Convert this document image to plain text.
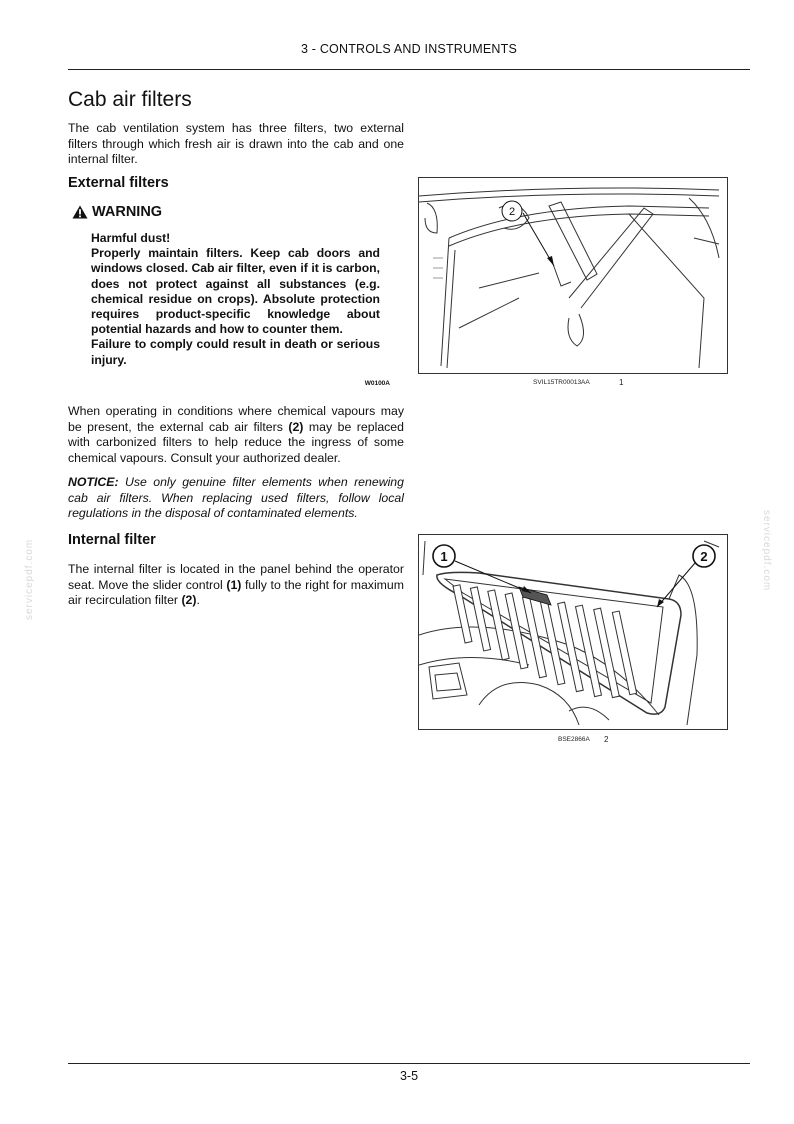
3 - CONTROLS AND INSTRUMENTS
Cab air filters

The cab ventilation system has three filters, two external filters through which fresh air is drawn into the cab and one internal filter.

External filters
WARNING
Harmful dust!
Properly maintain filters. Keep cab doors and windows closed. Cab air filter, even if it is carbon, does not protect against all substances (e.g. chemical residue on crops). Absolute protection requires product-specific knowledge about potential hazards and how to counter them.
Failure to comply could result in death or serious injury.
W0100A

When operating in conditions where chemical vapours may be present, the external cab air filters (2) may be replaced with carbonized filters to help reduce the ingress of some chemical vapours. Consult your authorized dealer.

NOTICE: Use only genuine filter elements when renewing cab air filters. When replacing used filters, follow local regulations in the disposal of contaminated elements.

Internal filter

The internal filter is located in the panel behind the operator seat. Move the slider control (1) fully to the right for maximum air recirculation filter (2).

2
SVIL15TR00013AA	1
1	2
BSE2866A 2
servicepdf.com	servicepdf.com
3-5
